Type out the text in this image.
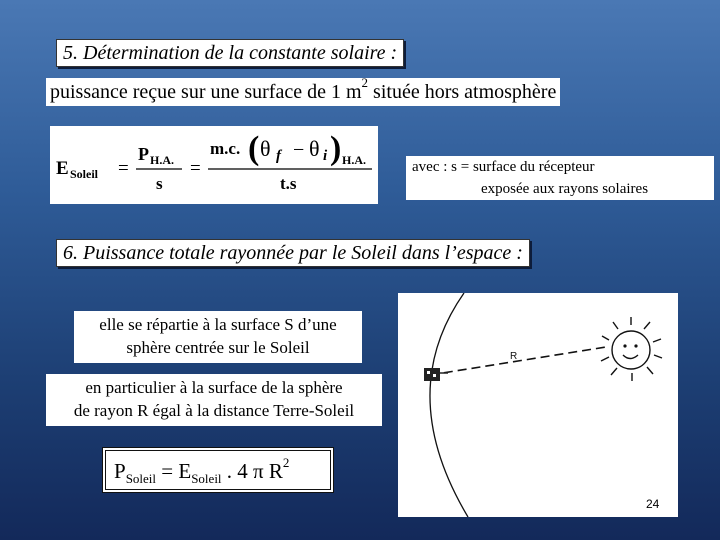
5. Détermination de la constante solaire :
puissance reçue sur une surface de 1 $m^2$ située hors atmosphère
E Soleil =
P H.A.
s
=
m.c. ( θ f − θ i ) H.A.
t.s
avec : s = surface du récepteur
exposée aux rayons solaires
6. Puissance totale rayonnée par le Soleil dans l’espace :
elle se répartie à la surface S d’une
sphère centrée sur le Soleil
en particulier à la surface de la sphère
de rayon R égal à la distance Terre-Soleil
$P_{Soleil} = E_{Soleil}$ . 4 π $R^2$
R
24
